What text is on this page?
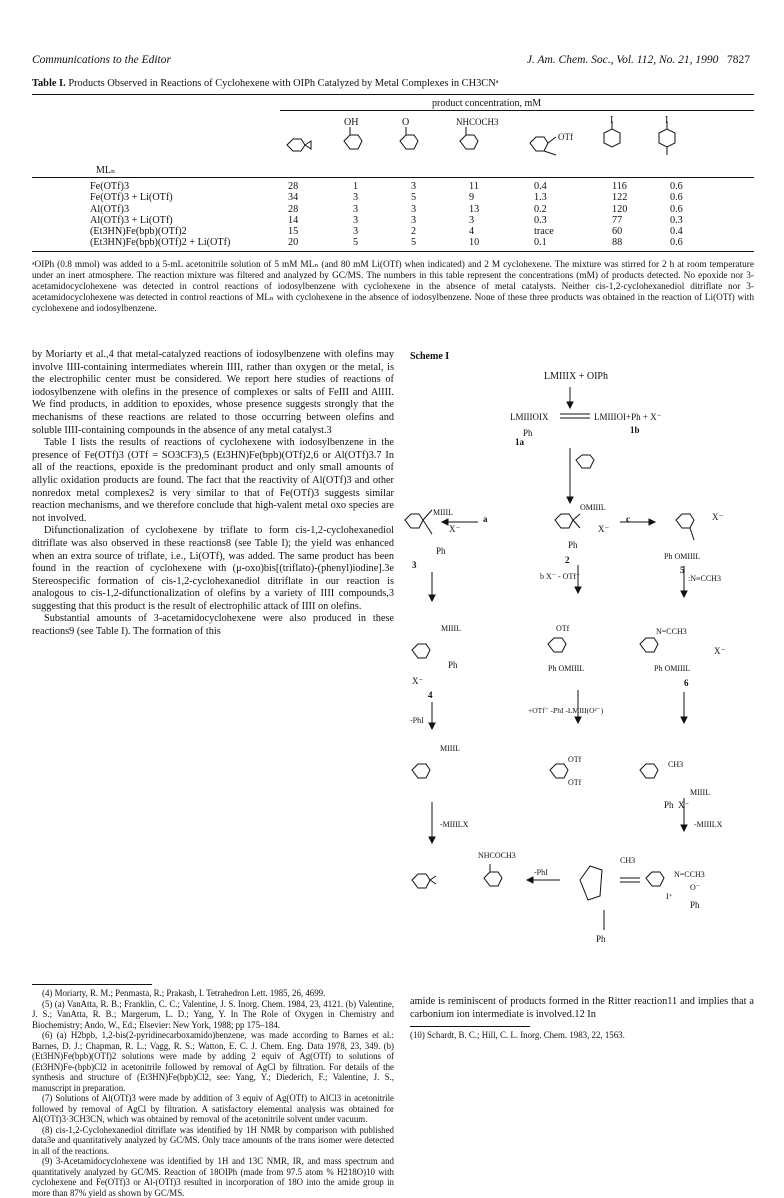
Communications to the Editor	J. Am. Chem. Soc., Vol. 112, No. 21, 1990 7827
Table I. Products Observed in Reactions of Cyclohexene with OIPh Catalyzed by Metal Complexes in CH3CNᵃ
product concentration, mM
OH	O	NHCOCH3
OTf
I	I
MLₙ
Fe(OTf)3	28	1	3	11	0.4	116	0.6
Fe(OTf)3 + Li(OTf)	34	3	5	9	1.3	122	0.6
Al(OTf)3	28	3	3	13	0.2	120	0.6
Al(OTf)3 + Li(OTf)	14	3	3	3	0.3	77	0.3
(Et3HN)Fe(bpb)(OTf)2	15	3	2	4	trace	60	0.4
(Et3HN)Fe(bpb)(OTf)2 + Li(OTf)	20	5	5	10	0.1	88	0.6
ᵃOIPh (0.8 mmol) was added to a 5-mL acetonitrile solution of 5 mM MLₙ (and 80 mM Li(OTf) when indicated) and 2 M cyclohexene. The mixture was stirred for 2 h at room temperature under an inert atmosphere. The reaction mixture was filtered and analyzed by GC/MS. The numbers in this table represent the concentrations (mM) of products detected. No epoxide nor 3-acetamidocyclohexene was detected in control reactions of iodosylbenzene with cyclohexene in the absence of metal catalysts. Neither cis-1,2-cyclohexanediol ditriflate nor 3-acetamidocyclohexene was detected in control reactions of MLₙ with cyclohexene in the absence of iodosylbenzene. None of these three products was obtained in the reaction of Li(OTf) with cyclohexene and iodosylbenzene.

by Moriarty et al.,4 that metal-catalyzed reactions of iodosylbenzene with olefins may involve IIII-containing intermediates wherein IIII, rather than oxygen or the metal, is the electrophilic center must be considered. We report here studies of reactions of iodosylbenzene with olefins in the presence of complexes or salts of FeIII and AlIII. We find products, in addition to epoxides, whose presence suggests strongly that the mechanisms of these reactions are related to those occurring between olefins and soluble IIII-containing compounds in the absence of any metal catalyst.3

Table I lists the results of reactions of cyclohexene with iodosylbenzene in the presence of Fe(OTf)3 (OTf = SO3CF3),5 (Et3HN)Fe(bpb)(OTf)2,6 or Al(OTf)3.7 In all of the reactions, epoxide is the predominant product and only small amounts of allylic oxidation products are found. The fact that the reactivity of Al(OTf)3 and other nonredox metal complexes2 is very similar to that of Fe(OTf)3 suggests similar reaction mechanisms, and we therefore conclude that high-valent metal oxo species are not involved.

Difunctionalization of cyclohexene by triflate to form cis-1,2-cyclohexanediol ditriflate was also observed in these reactions8 (see Table I); the yield was enhanced when an extra source of triflate, i.e., Li(OTf), was added. The same product has been found in the reaction of cyclohexene with (μ-oxo)bis[(triflato)-(phenyl)iodine].3e Stereospecific formation of cis-1,2-cyclohexanediol ditriflate in our reaction is analogous to cis-1,2-difunctionalization of olefins by a variety of IIII compounds,3 suggesting that this product is the result of electrophilic attack of IIII on olefins.

Substantial amounts of 3-acetamidocyclohexene were also produced in these reactions9 (see Table I). The formation of this

(4) Moriarty, R. M.; Penmasta, R.; Prakash, I. Tetrahedron Lett. 1985, 26, 4699.

(5) (a) VanAtta, R. B.; Franklin, C. C.; Valentine, J. S. Inorg. Chem. 1984, 23, 4121. (b) Valentine, J. S.; VanAtta, R. B.; Margerum, L. D.; Yang, Y. In The Role of Oxygen in Chemistry and Biochemistry; Ando, W., Ed.; Elsevier: New York, 1988; pp 175–184.

(6) (a) H2bpb, 1,2-bis(2-pyridinecarboxamido)benzene, was made according to Barnes et al.: Barnes, D. J.; Chapman, R. L.; Vagg, R. S.; Watton, E. C. J. Chem. Eng. Data 1978, 23, 349. (b) (Et3HN)Fe(bpb)(OTf)2 solutions were made by adding 2 equiv of Ag(OTf) to solutions of (Et3HN)Fe-(bpb)Cl2 in acetonitrile followed by removal of AgCl by filtration. For details of the synthesis and structure of (Et3HN)Fe(bpb)Cl2, see: Yang, Y.; Diederich, F.; Valentine, J. S., manuscript in preparation.

(7) Solutions of Al(OTf)3 were made by addition of 3 equiv of Ag(OTf) to AlCl3 in acetonitrile followed by removal of AgCl by filtration. A satisfactory elemental analysis was obtained for Al(OTf)3·3CH3CN, which was obtained by removal of the acetonitrile solvent under vacuum.

(8) cis-1,2-Cyclohexanediol ditriflate was identified by 1H NMR by comparison with published data3e and quantitatively analyzed by GC/MS. Only trace amounts of the trans isomer were detected in all of the reactions.

(9) 3-Acetamidocyclohexene was identified by 1H and 13C NMR, IR, and mass spectrum and quantitatively analyzed by GC/MS. Reaction of 18OIPh (made from 97.5 atom % H218O)10 with cyclohexene and Fe(OTf)3 or Al-(OTf)3 resulted in incorporation of 18O into the amide group in more than 87% yield as shown by GC/MS.

Scheme I
LMIIIX + OIPh
LMIIIOIX	LMIIIOI+Ph + X⁻
Ph
1a
1b
MIIIL
X⁻
Ph
3
a
OMIIIL
X⁻
Ph
2
c	X⁻
Ph OMIIIL
5
b X⁻ - OTf⁻	:N≡CCH3
MIIIL
Ph
X⁻
4
OTf
Ph OMIIIL
N=CCH3
X⁻
Ph OMIIIL
6
MIIIL
-PhI
+OTf⁻ -PhI -LMIII(O²⁻)
OTf
OTf
CH3
MIIIL
Ph X⁻
-MIIILX	-MIIILX
NHCOCH3
-PhI
CH3
Ph
N=CCH3
O⁻
I⁺
Ph
amide is reminiscent of products formed in the Ritter reaction11 and implies that a carbonium ion intermediate is involved.12 In
(10) Schardt, B. C.; Hill, C. L. Inorg. Chem. 1983, 22, 1563.
